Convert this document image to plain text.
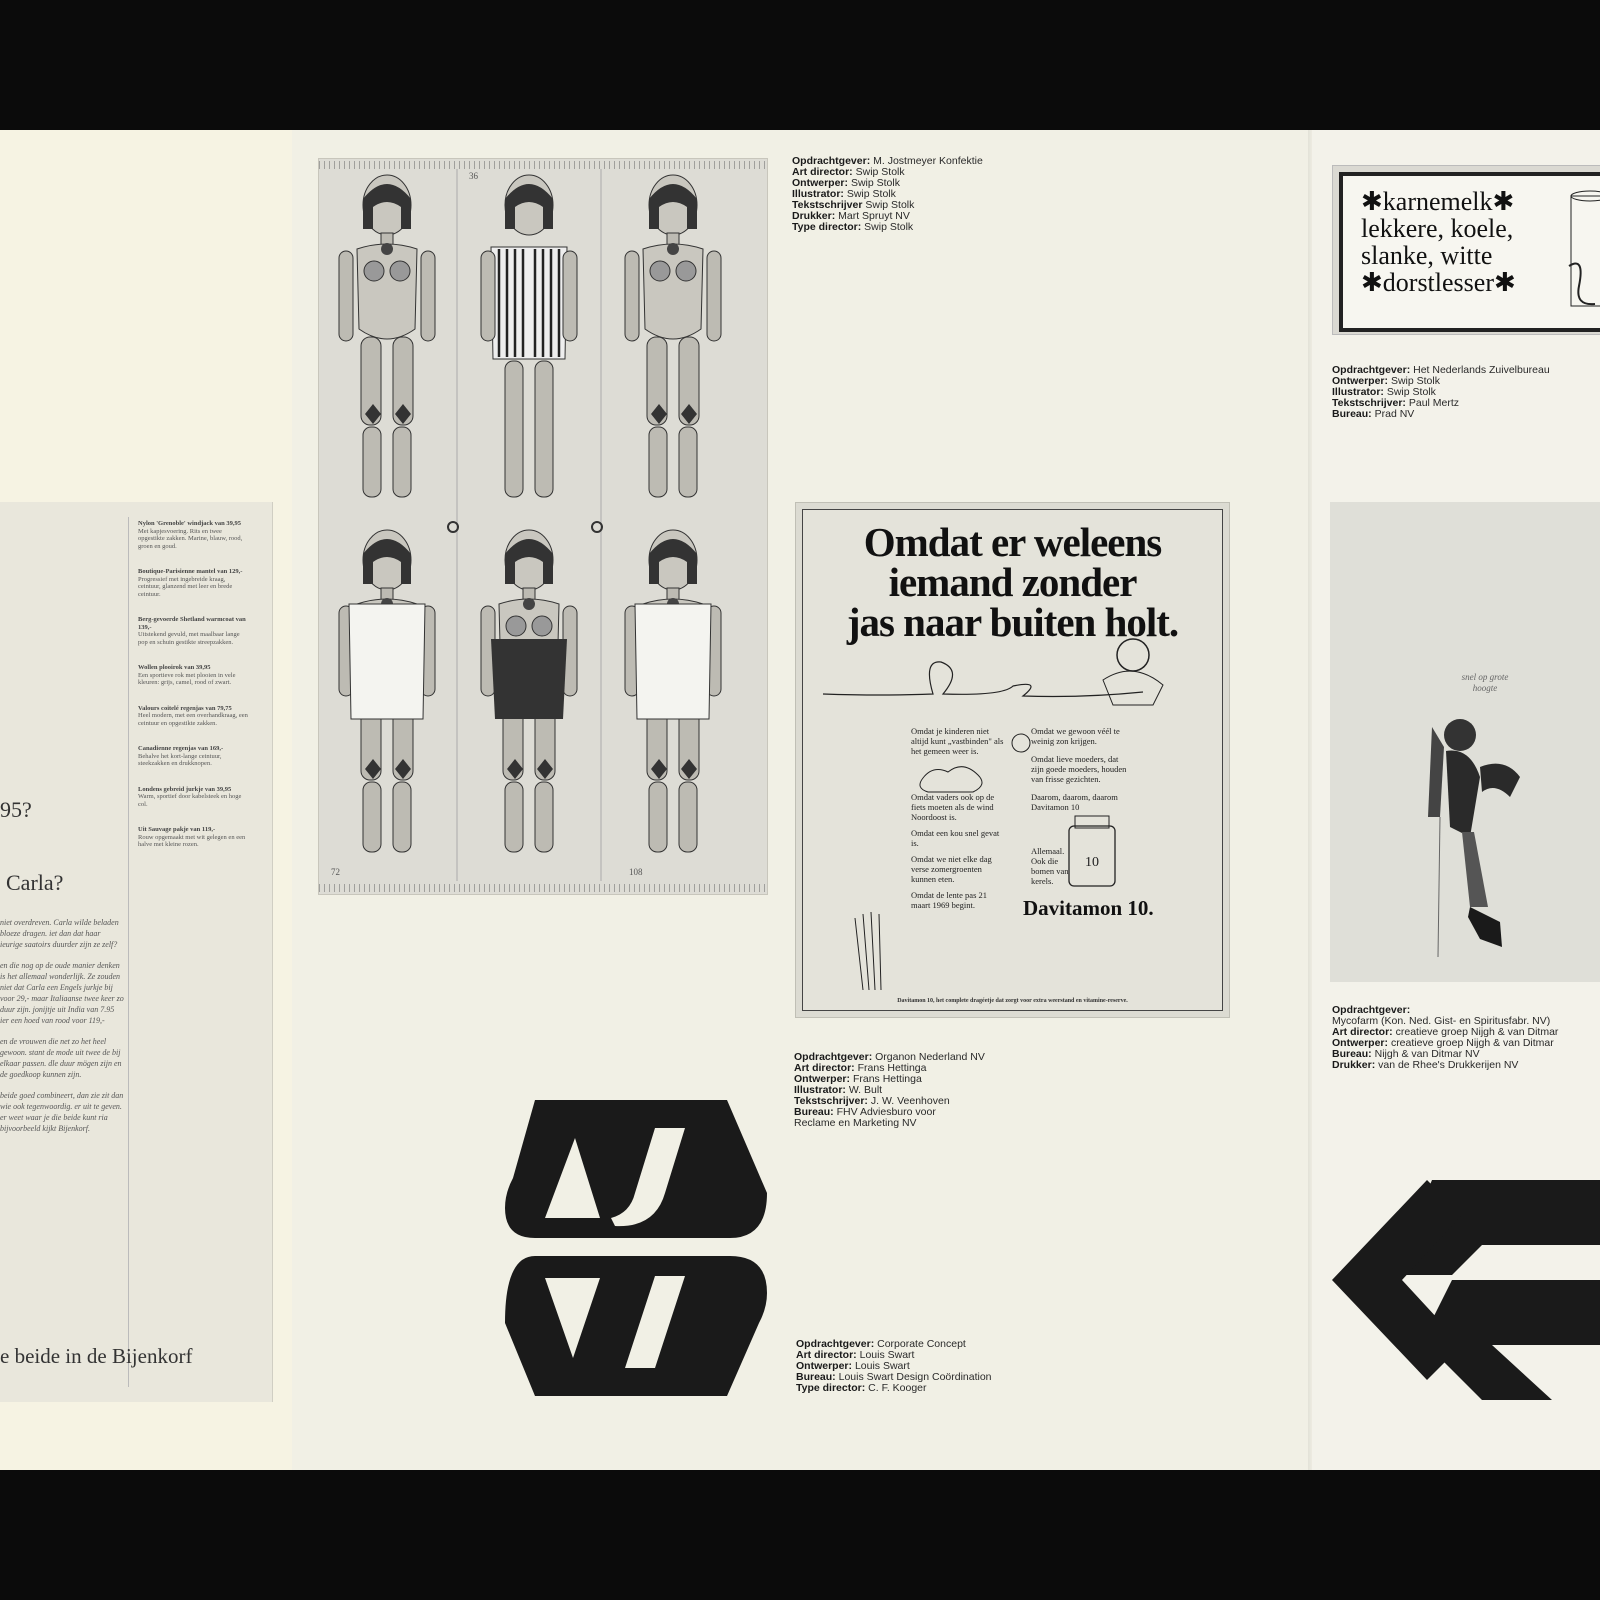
95?
Carla?

niet overdreven. Carla wilde beladen bloeze dragen. iet dan dat haar ieurige saatoirs duurder zijn ze zelf?

en die nog op de oude manier denken is het allemaal wonderlijk. Ze zouden niet dat Carla een Engels jurkje bij voor 29,- maar Italiaanse twee keer zo duur zijn. jonijtje uit India van 7.95 ier een hoed van rood voor 119,-

en de vrouwen die net zo het heel gewoon. stant de mode uit twee de bij elkaar passen. dle duur mögen zijn en de goedkoop kunnen zijn.

beide goed combineert, dan zie zit dan wie ook tegenwoordig. er uit te geven. er weet waar je die beide kunt ria bijvoorbeeld kijkt Bijenkorf.

Nylon 'Grenoble' windjack van 39,95
Met kapjesvoering. Rits en twee opgestikte zakken. Marine, blauw, rood, groen en goud.
Boutique-Parisienne mantel van 129,-
Progressief met ingebreide kraag, ceintuur, glanzend met leer en brede ceintuur.
Berg-gevoerde Shetland warmcoat van 139,-
Uitstekend gevuld, met maalbaar lange pop en schuin gestikte streepzakken.
Wollen plooirok van 39,95
Een sportieve rok met plooien in vele kleuren: grijs, camel, rood of zwart.
Valours coitelé regenjas van 79,75
Heel modern, met een overhandkraag, een ceintuur en opgestikte zakken.
Canadienne regenjas van 169,-
Behalve het kort-lange ceintuur, steekzakken en drukknopen.
Londens gebreid jurkje van 39,95
Warm, sportief door kabelsteek en hoge col.
Uit Sauvage pakje van 119,-
Rouw opgemaakt met wit gelegen en een halve met kleine rozen.
e beide in de Bijenkorf
36
72	108
Opdrachtgever: M. Jostmeyer Konfektie
Art director: Swip Stolk
Ontwerper: Swip Stolk
Illustrator: Swip Stolk
Tekstschrijver Swip Stolk
Drukker: Mart Spruyt NV
Type director: Swip Stolk
Omdat er weleens
iemand zonder
jas naar buiten holt.
10
Omdat je kinderen niet altijd kunt „vastbinden" als het gemeen weer is.
Omdat vaders ook op de fiets moeten als de wind Noordoost is.
Omdat een kou snel gevat is.
Omdat we niet elke dag verse zomergroenten kunnen eten.
Omdat de lente pas 21 maart 1969 begint.
Omdat we gewoon véél te weinig zon krijgen.
Omdat lieve moeders, dat zijn goede moeders, houden van frisse gezichten.
Daarom, daarom, daarom Davitamon 10
Allemaal. Ook die bomen van kerels.
Davitamon 10.
Davitamon 10, het complete dragéetje dat zorgt voor extra weerstand en vitamine-reserve.
Opdrachtgever: Organon Nederland NV
Art director: Frans Hettinga
Ontwerper: Frans Hettinga
Illustrator: W. Bult
Tekstschrijver: J. W. Veenhoven
Bureau: FHV Adviesburo voor
Reclame en Marketing NV
Opdrachtgever: Corporate Concept
Art director: Louis Swart
Ontwerper: Louis Swart
Bureau: Louis Swart Design Coördination
Type director: C. F. Kooger
✱karnemelk✱
lekkere, koele,
slanke, witte
✱dorstlesser✱
Opdrachtgever: Het Nederlands Zuivelbureau
Ontwerper: Swip Stolk
Illustrator: Swip Stolk
Tekstschrijver: Paul Mertz
Bureau: Prad NV
snel op grote hoogte
Opdrachtgever:
Mycofarm (Kon. Ned. Gist- en Spiritusfabr. NV)
Art director: creatieve groep Nijgh & van Ditmar
Ontwerper: creatieve groep Nijgh & van Ditmar
Bureau: Nijgh & van Ditmar NV
Drukker: van de Rhee's Drukkerijen NV
